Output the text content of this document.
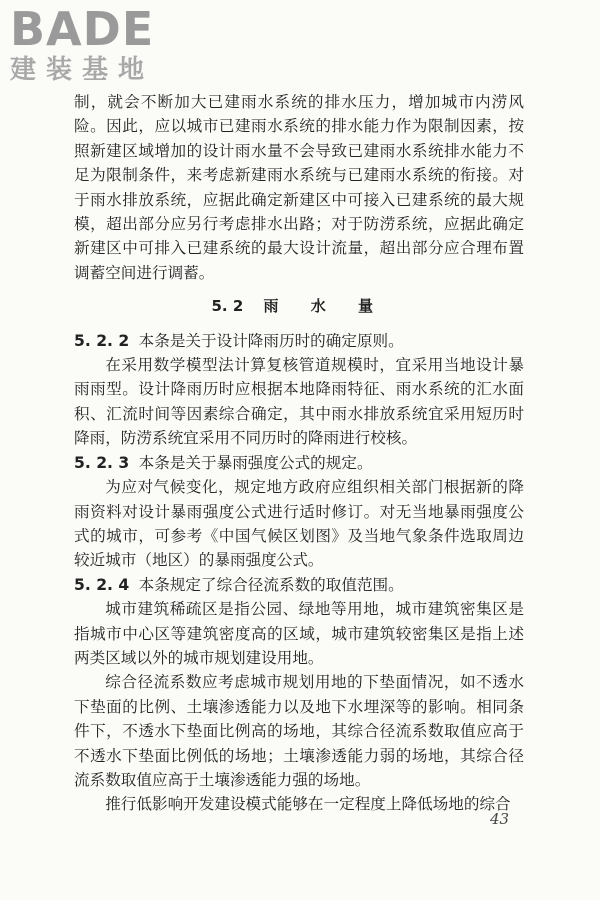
BADE
建装基地

制，就会不断加大已建雨水系统的排水压力，增加城市内涝风险。因此，应以城市已建雨水系统的排水能力作为限制因素，按照新建区域增加的设计雨水量不会导致已建雨水系统排水能力不足为限制条件，来考虑新建雨水系统与已建雨水系统的衔接。对于雨水排放系统，应据此确定新建区中可接入已建系统的最大规模，超出部分应另行考虑排水出路；对于防涝系统，应据此确定新建区中可排入已建系统的最大设计流量，超出部分应合理布置调蓄空间进行调蓄。

5. 2 雨 水 量

5. 2. 2 本条是关于设计降雨历时的确定原则。

在采用数学模型法计算复核管道规模时，宜采用当地设计暴雨雨型。设计降雨历时应根据本地降雨特征、雨水系统的汇水面积、汇流时间等因素综合确定，其中雨水排放系统宜采用短历时降雨，防涝系统宜采用不同历时的降雨进行校核。

5. 2. 3 本条是关于暴雨强度公式的规定。

为应对气候变化，规定地方政府应组织相关部门根据新的降雨资料对设计暴雨强度公式进行适时修订。对无当地暴雨强度公式的城市，可参考《中国气候区划图》及当地气象条件选取周边较近城市（地区）的暴雨强度公式。

5. 2. 4 本条规定了综合径流系数的取值范围。

城市建筑稀疏区是指公园、绿地等用地，城市建筑密集区是指城市中心区等建筑密度高的区域，城市建筑较密集区是指上述两类区域以外的城市规划建设用地。

综合径流系数应考虑城市规划用地的下垫面情况，如不透水下垫面的比例、土壤渗透能力以及地下水埋深等的影响。相同条件下，不透水下垫面比例高的场地，其综合径流系数取值应高于不透水下垫面比例低的场地；土壤渗透能力弱的场地，其综合径流系数取值应高于土壤渗透能力强的场地。

推行低影响开发建设模式能够在一定程度上降低场地的综合

43
